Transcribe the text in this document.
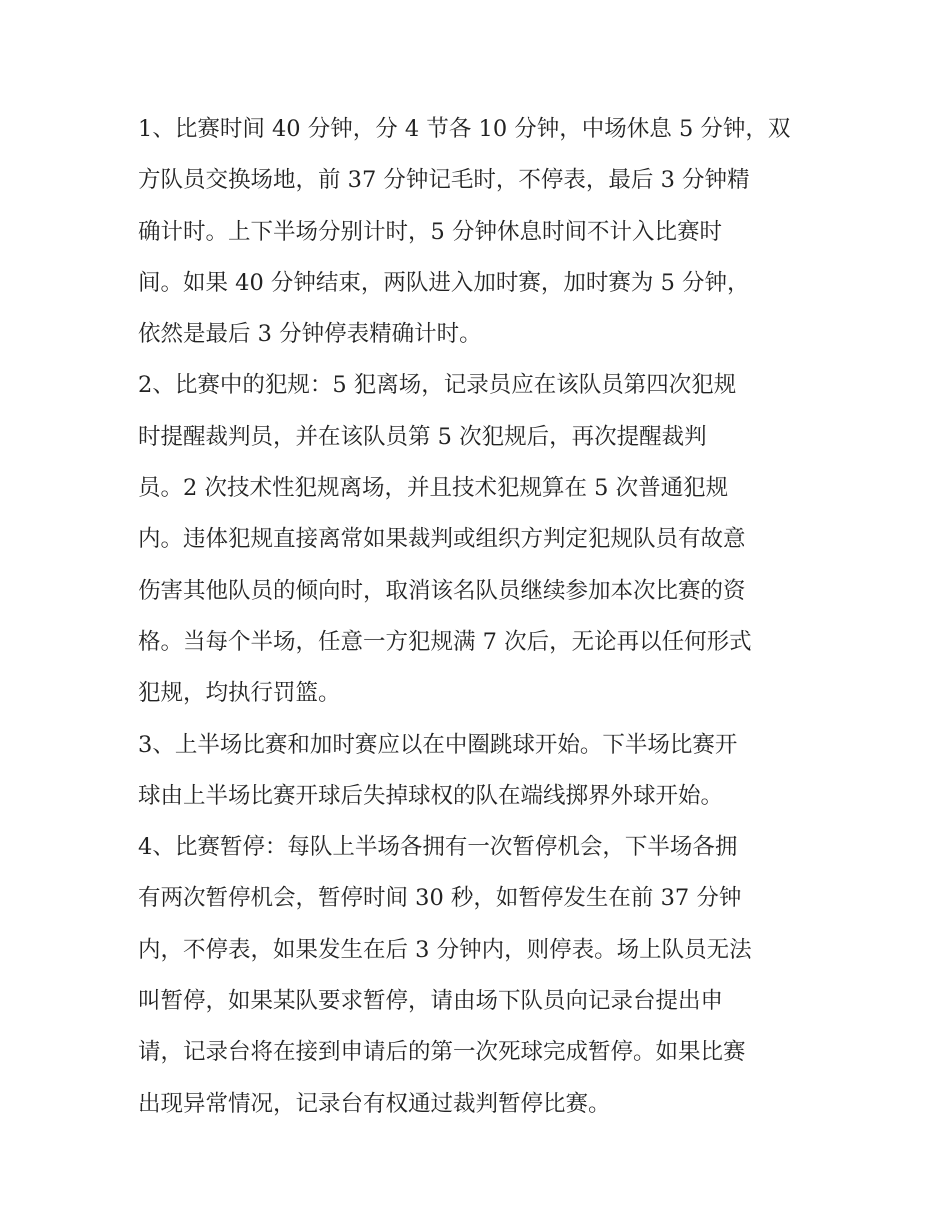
1、比赛时间 40 分钟，分 4 节各 10 分钟，中场休息 5 分钟，双
方队员交换场地，前 37 分钟记毛时，不停表，最后 3 分钟精
确计时。上下半场分别计时，5 分钟休息时间不计入比赛时
间。如果 40 分钟结束，两队进入加时赛，加时赛为 5 分钟，
依然是最后 3 分钟停表精确计时。
2、比赛中的犯规：5 犯离场，记录员应在该队员第四次犯规
时提醒裁判员，并在该队员第 5 次犯规后，再次提醒裁判
员。2 次技术性犯规离场，并且技术犯规算在 5 次普通犯规
内。违体犯规直接离常如果裁判或组织方判定犯规队员有故意
伤害其他队员的倾向时，取消该名队员继续参加本次比赛的资
格。当每个半场，任意一方犯规满 7 次后，无论再以任何形式
犯规，均执行罚篮。
3、上半场比赛和加时赛应以在中圈跳球开始。下半场比赛开
球由上半场比赛开球后失掉球权的队在端线掷界外球开始。
4、比赛暂停：每队上半场各拥有一次暂停机会，下半场各拥
有两次暂停机会，暂停时间 30 秒，如暂停发生在前 37 分钟
内，不停表，如果发生在后 3 分钟内，则停表。场上队员无法
叫暂停，如果某队要求暂停，请由场下队员向记录台提出申
请，记录台将在接到申请后的第一次死球完成暂停。如果比赛
出现异常情况，记录台有权通过裁判暂停比赛。
